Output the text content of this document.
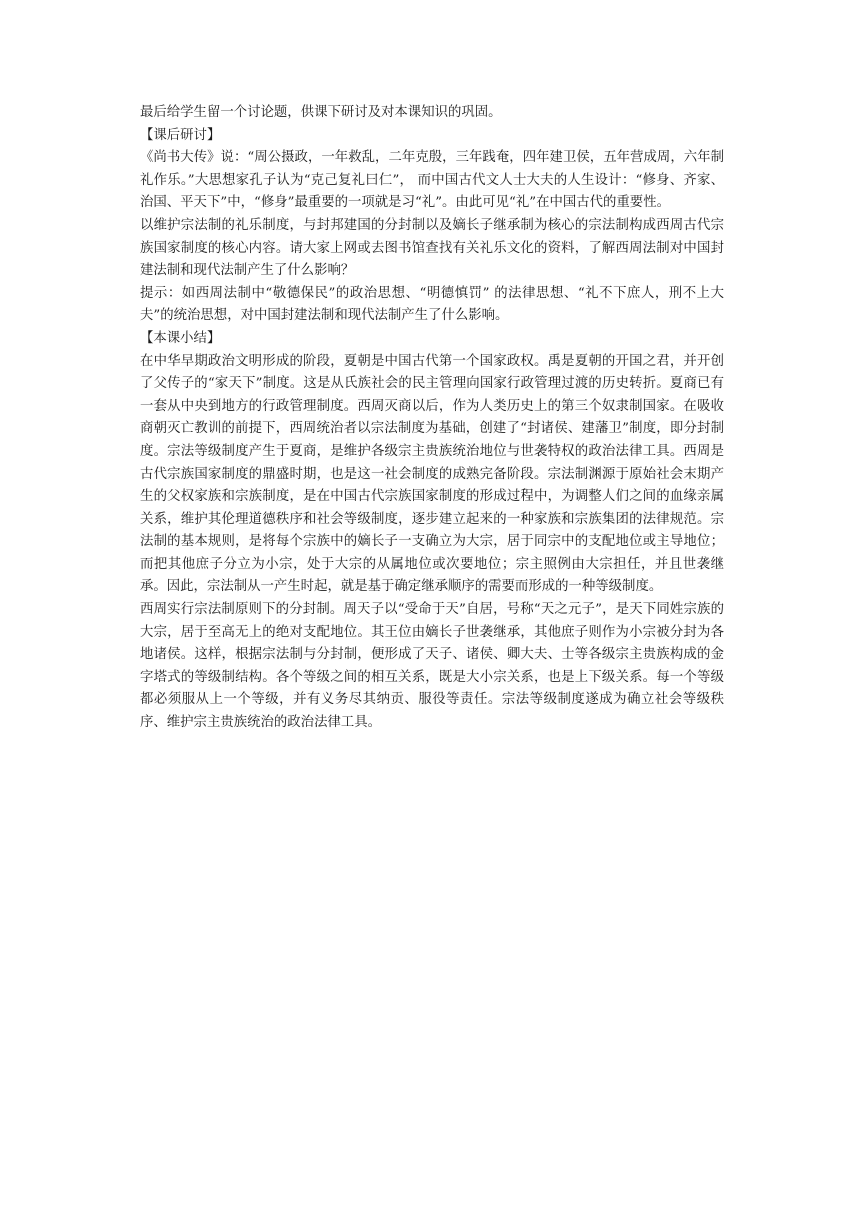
最后给学生留一个讨论题，供课下研讨及对本课知识的巩固。

【课后研讨】

《尚书大传》说：“周公摄政，一年救乱，二年克殷，三年践奄，四年建卫侯，五年营成周，六年制礼作乐。”大思想家孔子认为“克己复礼曰仁”， 而中国古代文人士大夫的人生设计：“修身、齐家、治国、平天下”中，“修身”最重要的一项就是习“礼”。由此可见“礼”在中国古代的重要性。

以维护宗法制的礼乐制度，与封邦建国的分封制以及嫡长子继承制为核心的宗法制构成西周古代宗族国家制度的核心内容。请大家上网或去图书馆查找有关礼乐文化的资料，了解西周法制对中国封建法制和现代法制产生了什么影响？

提示：如西周法制中“敬德保民”的政治思想、“明德慎罚” 的法律思想、“礼不下庶人，刑不上大夫”的统治思想，对中国封建法制和现代法制产生了什么影响。

【本课小结】

在中华早期政治文明形成的阶段，夏朝是中国古代第一个国家政权。禹是夏朝的开国之君，并开创了父传子的“家天下”制度。这是从氏族社会的民主管理向国家行政管理过渡的历史转折。夏商已有一套从中央到地方的行政管理制度。西周灭商以后，作为人类历史上的第三个奴隶制国家。在吸收商朝灭亡教训的前提下，西周统治者以宗法制度为基础，创建了“封诸侯、建藩卫”制度，即分封制度。宗法等级制度产生于夏商，是维护各级宗主贵族统治地位与世袭特权的政治法律工具。西周是古代宗族国家制度的鼎盛时期，也是这一社会制度的成熟完备阶段。宗法制渊源于原始社会末期产生的父权家族和宗族制度，是在中国古代宗族国家制度的形成过程中，为调整人们之间的血缘亲属关系，维护其伦理道德秩序和社会等级制度，逐步建立起来的一种家族和宗族集团的法律规范。宗法制的基本规则，是将每个宗族中的嫡长子一支确立为大宗，居于同宗中的支配地位或主导地位；而把其他庶子分立为小宗，处于大宗的从属地位或次要地位；宗主照例由大宗担任，并且世袭继承。因此，宗法制从一产生时起，就是基于确定继承顺序的需要而形成的一种等级制度。

西周实行宗法制原则下的分封制。周天子以“受命于天”自居，号称“天之元子”，是天下同姓宗族的大宗，居于至高无上的绝对支配地位。其王位由嫡长子世袭继承，其他庶子则作为小宗被分封为各地诸侯。这样，根据宗法制与分封制，便形成了天子、诸侯、卿大夫、士等各级宗主贵族构成的金字塔式的等级制结构。各个等级之间的相互关系，既是大小宗关系，也是上下级关系。每一个等级都必须服从上一个等级，并有义务尽其纳贡、服役等责任。宗法等级制度遂成为确立社会等级秩序、维护宗主贵族统治的政治法律工具。
